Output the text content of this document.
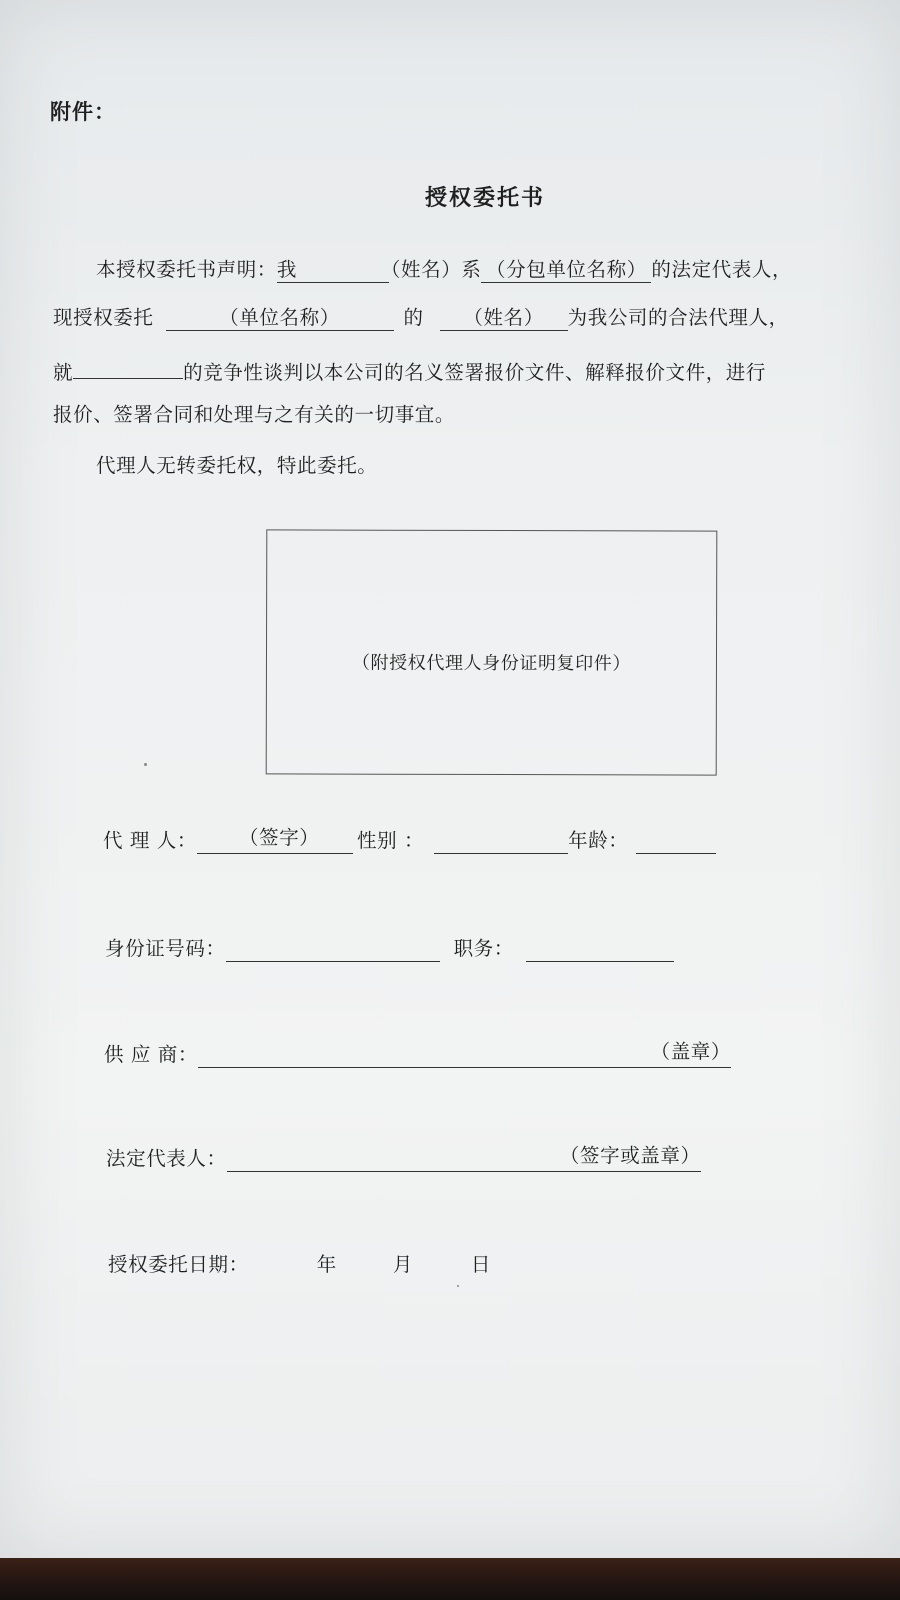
附件：
授权委托书
本授权委托书声明：我	（姓名）系 （分包单位名称） 的法定代表人，
现授权委托	（单位名称）	的 （姓名） 为我公司的合法代理人，
就	的竞争性谈判以本公司的名义签署报价文件、解释报价文件，进行
报价、签署合同和处理与之有关的一切事宜。
代理人无转委托权，特此委托。
（附授权代理人身份证明复印件）
代 理 人： （签字） 性别 ：	年龄：
身份证号码：	职务：
供 应 商：	（盖章）
法定代表人：	（签字或盖章）
授权委托日期：	年	月	日
